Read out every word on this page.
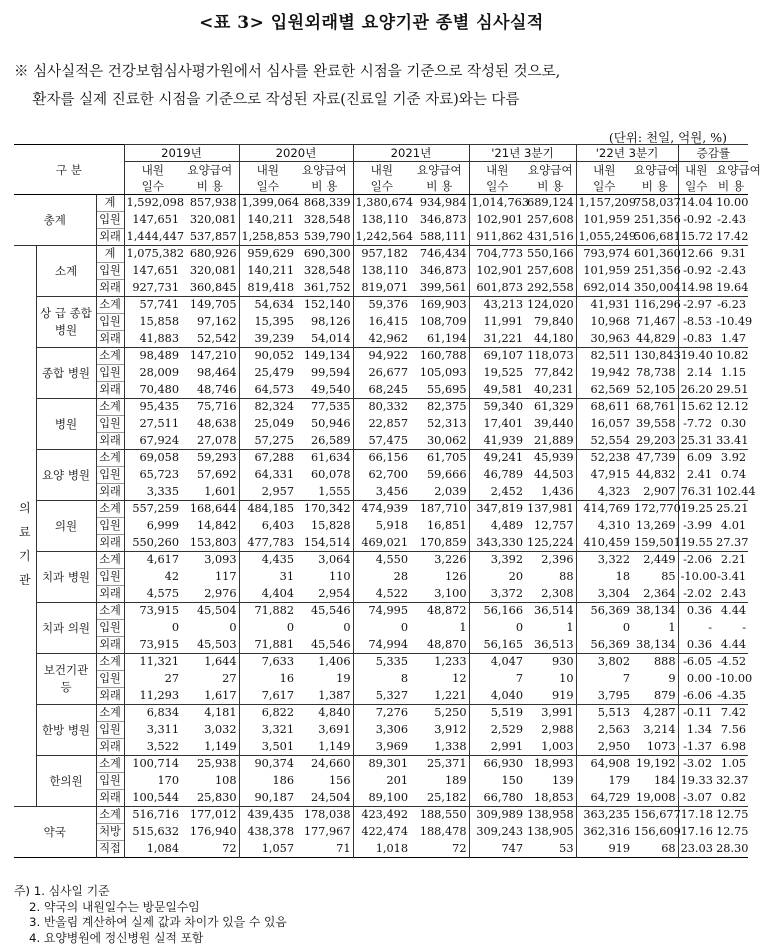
<표 3> 입원외래별 요양기관 종별 심사실적
※ 심사실적은 건강보험심사평가원에서 심사를 완료한 시점을 기준으로 작성된 것으로,
환자를 실제 진료한 시점을 기준으로 작성된 자료(진료일 기준 자료)와는 다름
(단위: 천일, 억원, %)
구 분			2019년		2020년		2021년		'21년 3분기		'22년 3분기		증감률	
			내원	요양급여	내원	요양급여	내원	요양급여	내원	요양급여	내원	요양급여	내원	요양급여
			일수	비 용	일수	비 용	일수	비 용	일수	비 용	일수	비 용	일수	비 용
총계		계	1,592,098	857,938	1,399,064	868,339	1,380,674	934,984	1,014,763	689,124	1,157,209	758,037	14.04	10.00
		입원	147,651	320,081	140,211	328,548	138,110	346,873	102,901	257,608	101,959	251,356	-0.92	-2.43
		외래	1,444,447	537,857	1,258,853	539,790	1,242,564	588,111	911,862	431,516	1,055,249	506,681	15.72	17.42
의료기관	소계	계	1,075,382	680,926	959,629	690,300	957,182	746,434	704,773	550,166	793,974	601,360	12.66	9.31
		입원	147,651	320,081	140,211	328,548	138,110	346,873	102,901	257,608	101,959	251,356	-0.92	-2.43
		외래	927,731	360,845	819,418	361,752	819,071	399,561	601,873	292,558	692,014	350,004	14.98	19.64
	상 급 종합병원	소계	57,741	149,705	54,634	152,140	59,376	169,903	43,213	124,020	41,931	116,296	-2.97	-6.23
		입원	15,858	97,162	15,395	98,126	16,415	108,709	11,991	79,840	10,968	71,467	-8.53	-10.49
		외래	41,883	52,542	39,239	54,014	42,962	61,194	31,221	44,180	30,963	44,829	-0.83	1.47
	종합 병원	소계	98,489	147,210	90,052	149,134	94,922	160,788	69,107	118,073	82,511	130,843	19.40	10.82
		입원	28,009	98,464	25,479	99,594	26,677	105,093	19,525	77,842	19,942	78,738	2.14	1.15
		외래	70,480	48,746	64,573	49,540	68,245	55,695	49,581	40,231	62,569	52,105	26.20	29.51
	병원	소계	95,435	75,716	82,324	77,535	80,332	82,375	59,340	61,329	68,611	68,761	15.62	12.12
		입원	27,511	48,638	25,049	50,946	22,857	52,313	17,401	39,440	16,057	39,558	-7.72	0.30
		외래	67,924	27,078	57,275	26,589	57,475	30,062	41,939	21,889	52,554	29,203	25.31	33.41
	요양 병원	소계	69,058	59,293	67,288	61,634	66,156	61,705	49,241	45,939	52,238	47,739	6.09	3.92
		입원	65,723	57,692	64,331	60,078	62,700	59,666	46,789	44,503	47,915	44,832	2.41	0.74
		외래	3,335	1,601	2,957	1,555	3,456	2,039	2,452	1,436	4,323	2,907	76.31	102.44
	의원	소계	557,259	168,644	484,185	170,342	474,939	187,710	347,819	137,981	414,769	172,770	19.25	25.21
		입원	6,999	14,842	6,403	15,828	5,918	16,851	4,489	12,757	4,310	13,269	-3.99	4.01
		외래	550,260	153,803	477,783	154,514	469,021	170,859	343,330	125,224	410,459	159,501	19.55	27.37
	치과 병원	소계	4,617	3,093	4,435	3,064	4,550	3,226	3,392	2,396	3,322	2,449	-2.06	2.21
		입원	42	117	31	110	28	126	20	88	18	85	-10.00	-3.41
		외래	4,575	2,976	4,404	2,954	4,522	3,100	3,372	2,308	3,304	2,364	-2.02	2.43
	치과 의원	소계	73,915	45,504	71,882	45,546	74,995	48,872	56,166	36,514	56,369	38,134	0.36	4.44
		입원	0	0	0	0	0	1	0	1	0	1	-	-
		외래	73,915	45,503	71,881	45,546	74,994	48,870	56,165	36,513	56,369	38,134	0.36	4.44
	보건기관 등	소계	11,321	1,644	7,633	1,406	5,335	1,233	4,047	930	3,802	888	-6.05	-4.52
		입원	27	27	16	19	8	12	7	10	7	9	0.00	-10.00
		외래	11,293	1,617	7,617	1,387	5,327	1,221	4,040	919	3,795	879	-6.06	-4.35
	한방 병원	소계	6,834	4,181	6,822	4,840	7,276	5,250	5,519	3,991	5,513	4,287	-0.11	7.42
		입원	3,311	3,032	3,321	3,691	3,306	3,912	2,529	2,988	2,563	3,214	1.34	7.56
		외래	3,522	1,149	3,501	1,149	3,969	1,338	2,991	1,003	2,950	1073	-1.37	6.98
	한의원	소계	100,714	25,938	90,374	24,660	89,301	25,371	66,930	18,993	64,908	19,192	-3.02	1.05
		입원	170	108	186	156	201	189	150	139	179	184	19.33	32.37
		외래	100,544	25,830	90,187	24,504	89,100	25,182	66,780	18,853	64,729	19,008	-3.07	0.82
약국		소계	516,716	177,012	439,435	178,038	423,492	188,550	309,989	138,958	363,235	156,677	17.18	12.75
		처방	515,632	176,940	438,378	177,967	422,474	188,478	309,243	138,905	362,316	156,609	17.16	12.75
		직접	1,084	72	1,057	71	1,018	72	747	53	919	68	23.03	28.30
주) 1. 심사일 기준
2. 약국의 내원일수는 방문일수임
3. 반올림 계산하여 실제 값과 차이가 있을 수 있음
4. 요양병원에 정신병원 실적 포함
